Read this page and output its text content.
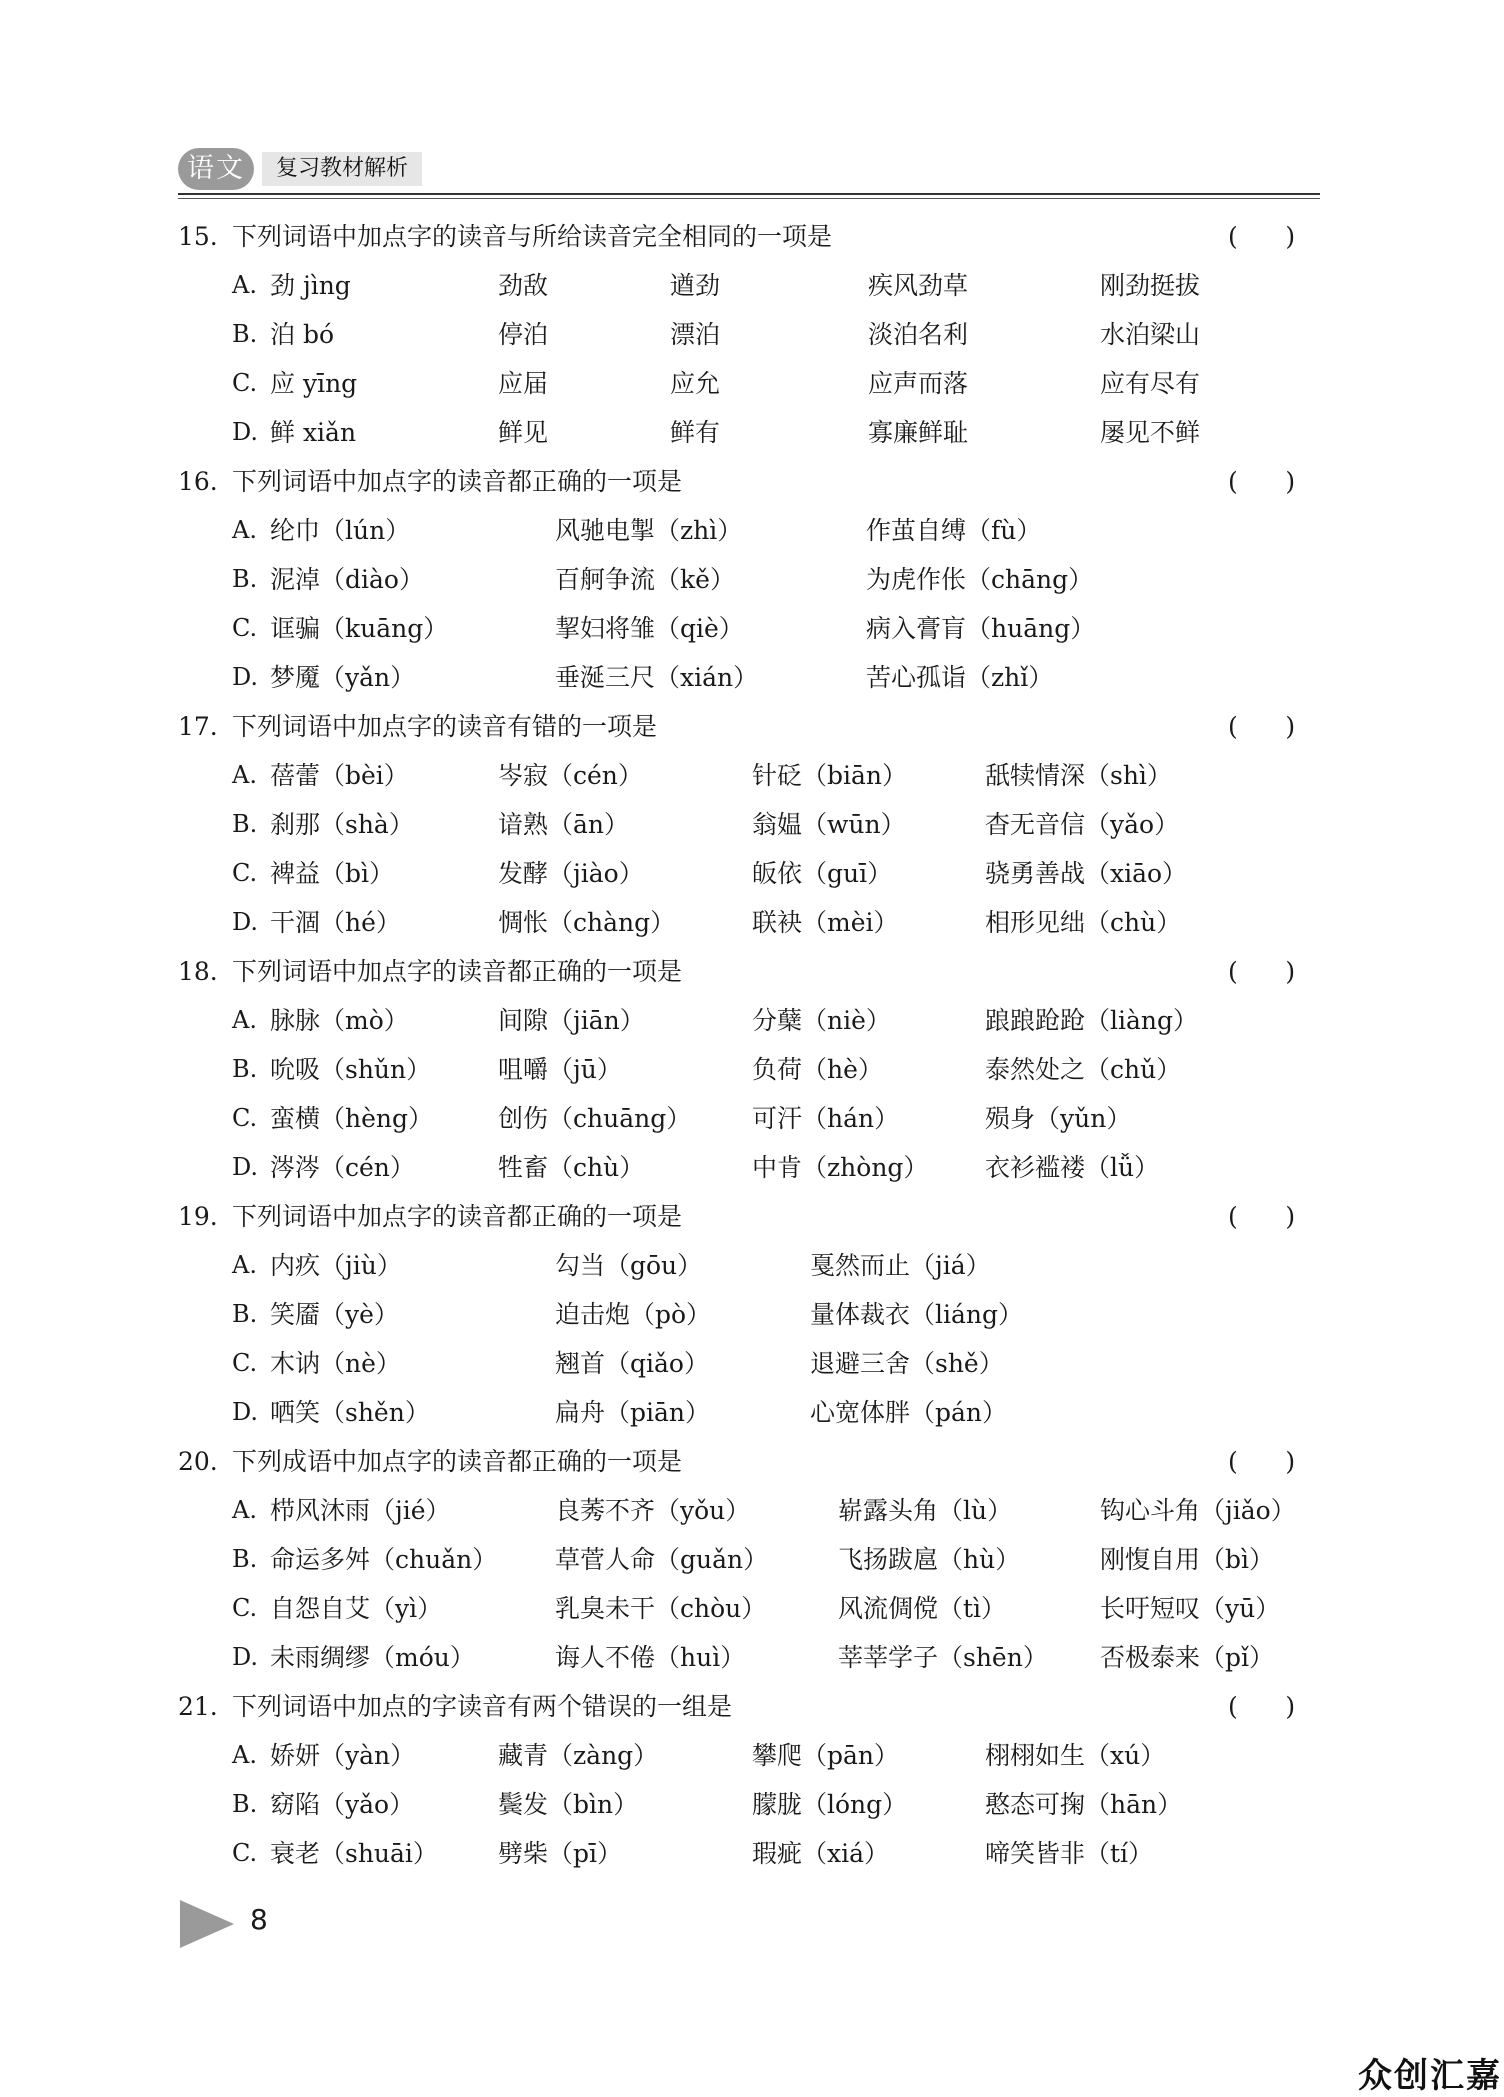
语文	复习教材解析
15. 下列词语中加点字的读音与所给读音完全相同的一项是	(      )
A. 劲 jìng	劲敌	遒劲	疾风劲草	刚劲挺拔
B. 泊 bó	停泊	漂泊	淡泊名利	水泊梁山
C. 应 yīng	应届	应允	应声而落	应有尽有
D. 鲜 xiǎn	鲜见	鲜有	寡廉鲜耻	屡见不鲜
16. 下列词语中加点字的读音都正确的一项是	(      )
A. 纶巾（lún）	风驰电掣（zhì）	作茧自缚（fù）
B. 泥淖（diào）	百舸争流（kě）	为虎作伥（chāng）
C. 诓骗（kuāng）	挈妇将雏（qiè）	病入膏肓（huāng）
D. 梦魇（yǎn）	垂涎三尺（xián）	苦心孤诣（zhǐ）
17. 下列词语中加点字的读音有错的一项是	(      )
A. 蓓蕾（bèi）	岑寂（cén）	针砭（biān）	舐犊情深（shì）
B. 刹那（shà）	谙熟（ān）	翁媪（wūn）	杳无音信（yǎo）
C. 裨益（bì）	发酵（jiào）	皈依（guī）	骁勇善战（xiāo）
D. 干涸（hé）	惆怅（chàng）	联袂（mèi）	相形见绌（chù）
18. 下列词语中加点字的读音都正确的一项是	(      )
A. 脉脉（mò）	间隙（jiān）	分蘖（niè）	踉踉跄跄（liàng）
B. 吮吸（shǔn）	咀嚼（jū）	负荷（hè）	泰然处之（chǔ）
C. 蛮横（hèng）	创伤（chuāng） 可汗（hán）	殒身（yǔn）
D. 涔涔（cén）	牲畜（chù）	中肯（zhòng） 衣衫褴褛（lǚ）
19. 下列词语中加点字的读音都正确的一项是	(      )
A. 内疚（jiù）	勾当（gōu）	戛然而止（jiá）
B. 笑靥（yè）	迫击炮（pò）	量体裁衣（liáng）
C. 木讷（nè）	翘首（qiǎo）	退避三舍（shě）
D. 哂笑（shěn）	扁舟（piān）	心宽体胖（pán）
20. 下列成语中加点字的读音都正确的一项是	(      )
A. 栉风沐雨（jié）	良莠不齐（yǒu）	崭露头角（lù）	钩心斗角（jiǎo）
B. 命运多舛（chuǎn） 草菅人命（guǎn）	飞扬跋扈（hù）	刚愎自用（bì）
C. 自怨自艾（yì）	乳臭未干（chòu）	风流倜傥（tì）	长吁短叹（yū）
D. 未雨绸缪（móu）	诲人不倦（huì）	莘莘学子（shēn） 否极泰来（pǐ）
21. 下列词语中加点的字读音有两个错误的一组是	(      )
A. 娇妍（yàn）	藏青（zàng）	攀爬（pān）	栩栩如生（xú）
B. 窈陷（yǎo）	鬓发（bìn）	朦胧（lóng）	憨态可掬（hān）
C. 衰老（shuāi） 劈柴（pī）	瑕疵（xiá）	啼笑皆非（tí）
8
众创汇嘉
